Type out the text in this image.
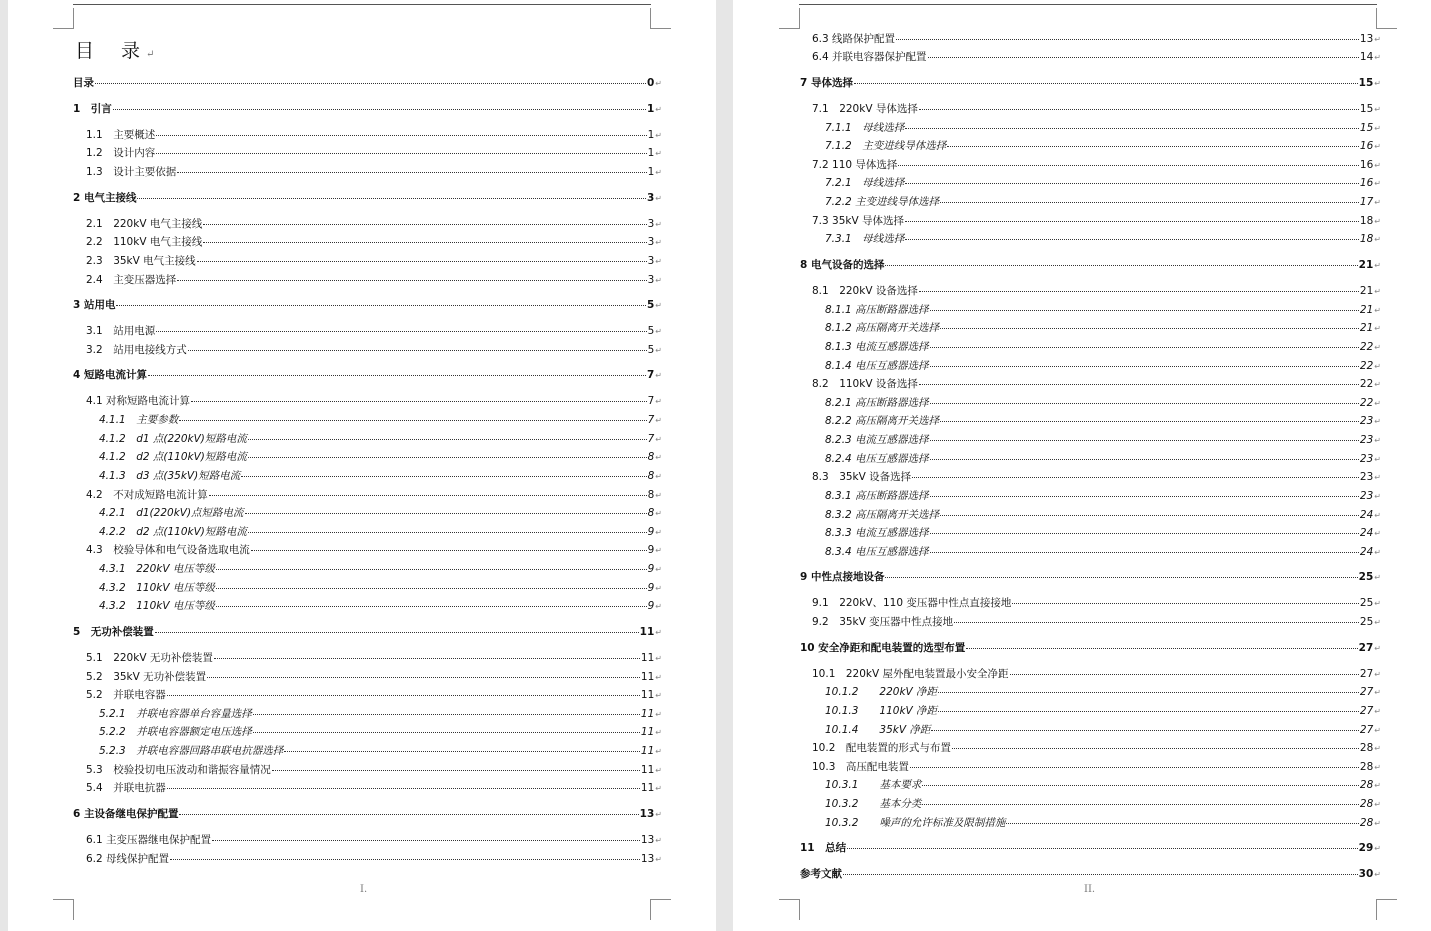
目　录 ↵
目录	0 ↵
1　引言	1 ↵
1.1　主要概述	1 ↵
1.2　设计内容	1 ↵
1.3　设计主要依据	1 ↵
2 电气主接线	3 ↵
2.1　220kV 电气主接线	3 ↵
2.2　110kV 电气主接线	3 ↵
2.3　35kV 电气主接线	3 ↵
2.4　主变压器选择	3 ↵
3 站用电	5 ↵
3.1　站用电源	5 ↵
3.2　站用电接线方式	5 ↵
4 短路电流计算	7 ↵
4.1 对称短路电流计算	7 ↵
4.1.1　主要参数	7 ↵
4.1.2　d1 点(220kV)短路电流	7 ↵
4.1.2　d2 点(110kV)短路电流	8 ↵
4.1.3　d3 点(35kV)短路电流	8 ↵
4.2　不对成短路电流计算	8 ↵
4.2.1　d1(220kV)点短路电流	8 ↵
4.2.2　d2 点(110kV)短路电流	9 ↵
4.3　校验导体和电气设备选取电流	9 ↵
4.3.1　220kV 电压等级	9 ↵
4.3.2　110kV 电压等级	9 ↵
4.3.2　110kV 电压等级	9 ↵
5　无功补偿装置	11 ↵
5.1　220kV 无功补偿装置	11 ↵
5.2　35kV 无功补偿装置	11 ↵
5.2　并联电容器	11 ↵
5.2.1　并联电容器单台容量选择	11 ↵
5.2.2　并联电容器额定电压选择	11 ↵
5.2.3　并联电容器回路串联电抗器选择	11 ↵
5.3　校验投切电压波动和谐振容量情况	11 ↵
5.4　并联电抗器	11 ↵
6 主设备继电保护配置	13 ↵
6.1 主变压器继电保护配置	13 ↵
6.2 母线保护配置	13 ↵
I.
6.3 线路保护配置	13 ↵
6.4 并联电容器保护配置	14 ↵
7 导体选择	15 ↵
7.1　220kV 导体选择	15 ↵
7.1.1　母线选择	15 ↵
7.1.2　主变进线导体选择	16 ↵
7.2 110 导体选择	16 ↵
7.2.1　母线选择	16 ↵
7.2.2 主变进线导体选择	17 ↵
7.3 35kV 导体选择	18 ↵
7.3.1　母线选择	18 ↵
8 电气设备的选择	21 ↵
8.1　220kV 设备选择	21 ↵
8.1.1 高压断路器选择	21 ↵
8.1.2 高压隔离开关选择	21 ↵
8.1.3 电流互感器选择	22 ↵
8.1.4 电压互感器选择	22 ↵
8.2　110kV 设备选择	22 ↵
8.2.1 高压断路器选择	22 ↵
8.2.2 高压隔离开关选择	23 ↵
8.2.3 电流互感器选择	23 ↵
8.2.4 电压互感器选择	23 ↵
8.3　35kV 设备选择	23 ↵
8.3.1 高压断路器选择	23 ↵
8.3.2 高压隔离开关选择	24 ↵
8.3.3 电流互感器选择	24 ↵
8.3.4 电压互感器选择	24 ↵
9 中性点接地设备	25 ↵
9.1　220kV、110 变压器中性点直接接地	25 ↵
9.2　35kV 变压器中性点接地	25 ↵
10 安全净距和配电装置的选型布置	27 ↵
10.1　220kV 屋外配电装置最小安全净距	27 ↵
10.1.2　　220kV 净距	27 ↵
10.1.3　　110kV 净距	27 ↵
10.1.4　　35kV 净距	27 ↵
10.2　配电装置的形式与布置	28 ↵
10.3　高压配电装置	28 ↵
10.3.1　　基本要求	28 ↵
10.3.2　　基本分类	28 ↵
10.3.2　　噪声的允许标准及限制措施	28 ↵
11　总结	29 ↵
参考文献	30 ↵
II.
